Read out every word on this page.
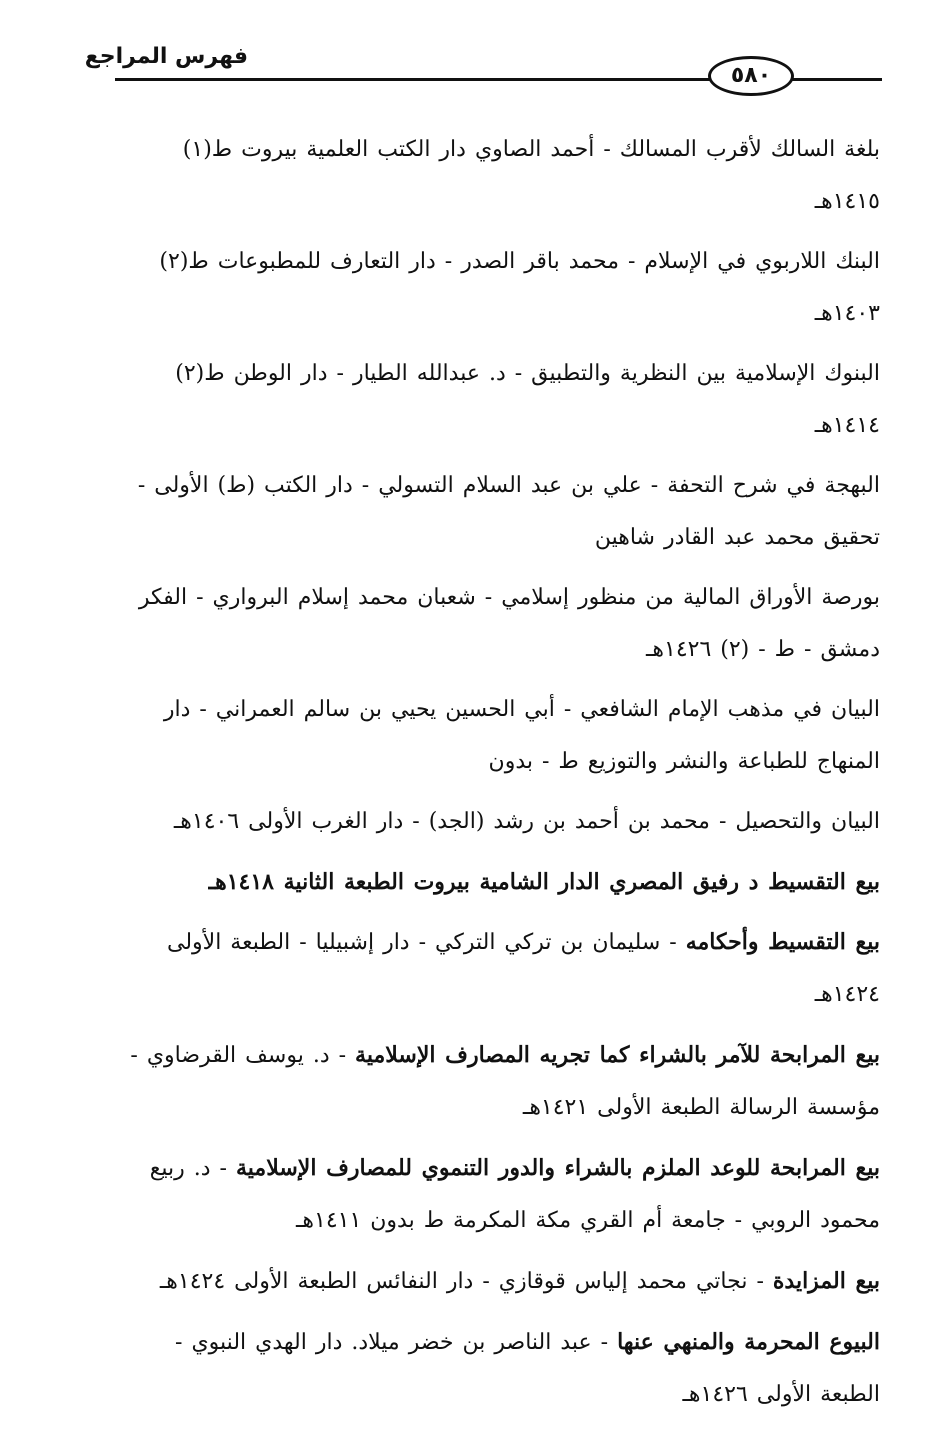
فهرس المراجع
٥٨٠
بلغة السالك لأقرب المسالك - أحمد الصاوي دار الكتب العلمية بيروت ط(١) ١٤١٥هـ
البنك اللاربوي في الإسلام - محمد باقر الصدر - دار التعارف للمطبوعات ط(٢) ١٤٠٣هـ
البنوك الإسلامية بين النظرية والتطبيق - د. عبدالله الطيار - دار الوطن ط(٢) ١٤١٤هـ
البهجة في شرح التحفة - علي بن عبد السلام التسولي - دار الكتب (ط) الأولى - تحقيق محمد عبد القادر شاهين
بورصة الأوراق المالية من منظور إسلامي - شعبان محمد إسلام البرواري - الفكر دمشق - ط - (٢) ١٤٢٦هـ
البيان في مذهب الإمام الشافعي - أبي الحسين يحيي بن سالم العمراني - دار المنهاج للطباعة والنشر والتوزيع ط - بدون
البيان والتحصيل - محمد بن أحمد بن رشد (الجد) - دار الغرب الأولى ١٤٠٦هـ
بيع التقسيط د رفيق المصري الدار الشامية بيروت الطبعة الثانية ١٤١٨هـ
بيع التقسيط وأحكامه - سليمان بن تركي التركي - دار إشبيليا - الطبعة الأولى ١٤٢٤هـ
بيع المرابحة للآمر بالشراء كما تجريه المصارف الإسلامية - د. يوسف القرضاوي - مؤسسة الرسالة الطبعة الأولى ١٤٢١هـ
بيع المرابحة للوعد الملزم بالشراء والدور التنموي للمصارف الإسلامية - د. ربيع محمود الروبي - جامعة أم القري مكة المكرمة ط بدون ١٤١١هـ
بيع المزايدة - نجاتي محمد إلياس قوقازي - دار النفائس الطبعة الأولى ١٤٢٤هـ
البيوع المحرمة والمنهي عنها - عبد الناصر بن خضر ميلاد. دار الهدي النبوي - الطبعة الأولى ١٤٢٦هـ
